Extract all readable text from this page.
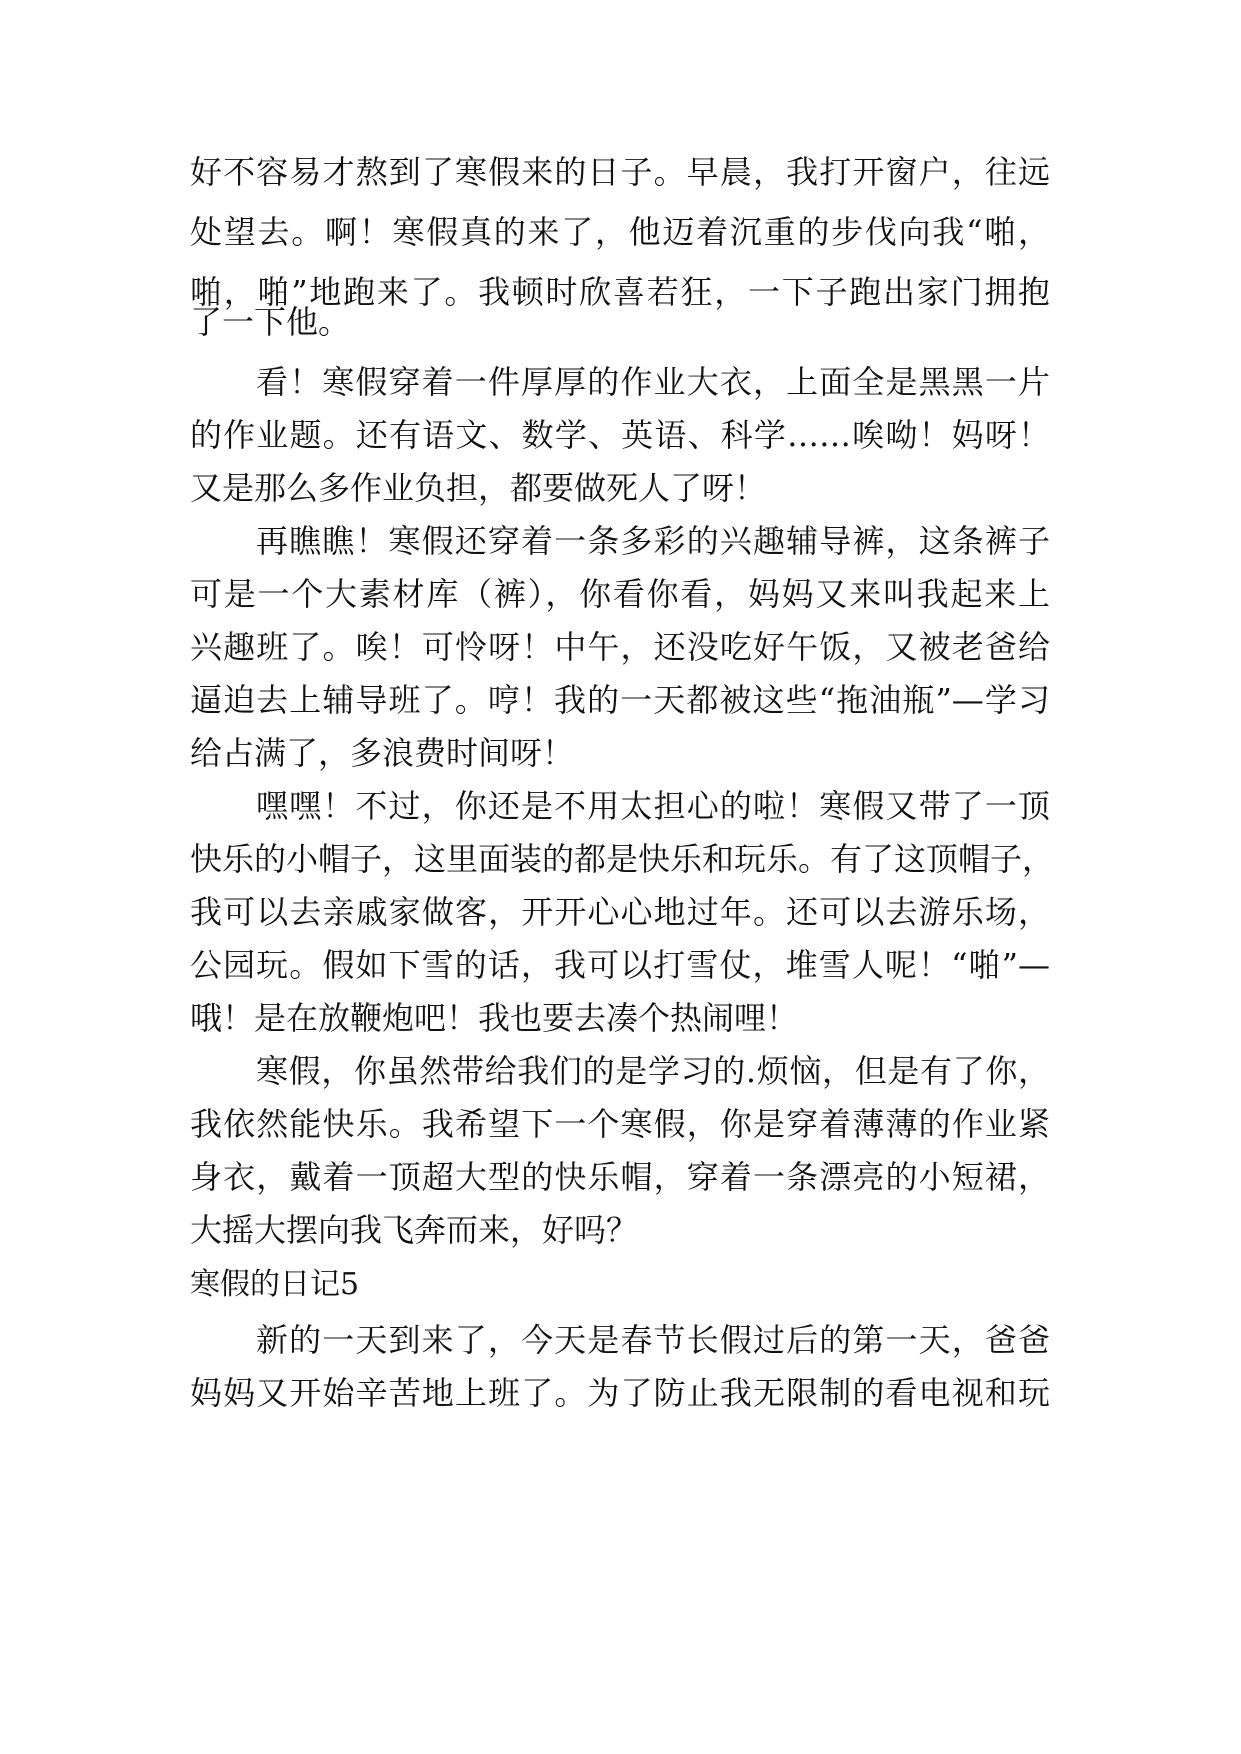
好不容易才熬到了寒假来的日子。早晨，我打开窗户，往远
处望去。啊！寒假真的来了，他迈着沉重的步伐向我“啪，
啪，啪”地跑来了。我顿时欣喜若狂，一下子跑出家门拥抱
了一下他。
看！寒假穿着一件厚厚的作业大衣，上面全是黑黑一片
的作业题。还有语文、数学、英语、科学……唉呦！妈呀！
又是那么多作业负担，都要做死人了呀！
再瞧瞧！寒假还穿着一条多彩的兴趣辅导裤，这条裤子
可是一个大素材库（裤），你看你看，妈妈又来叫我起来上
兴趣班了。唉！可怜呀！中午，还没吃好午饭，又被老爸给
逼迫去上辅导班了。哼！我的一天都被这些“拖油瓶”—学习
给占满了，多浪费时间呀！
嘿嘿！不过，你还是不用太担心的啦！寒假又带了一顶
快乐的小帽子，这里面装的都是快乐和玩乐。有了这顶帽子，
我可以去亲戚家做客，开开心心地过年。还可以去游乐场，
公园玩。假如下雪的话，我可以打雪仗，堆雪人呢！“啪”—
哦！是在放鞭炮吧！我也要去凑个热闹哩！
寒假，你虽然带给我们的是学习的.烦恼，但是有了你，
我依然能快乐。我希望下一个寒假，你是穿着薄薄的作业紧
身衣，戴着一顶超大型的快乐帽，穿着一条漂亮的小短裙，
大摇大摆向我飞奔而来，好吗？
寒假的日记5
新的一天到来了，今天是春节长假过后的第一天，爸爸
妈妈又开始辛苦地上班了。为了防止我无限制的看电视和玩
